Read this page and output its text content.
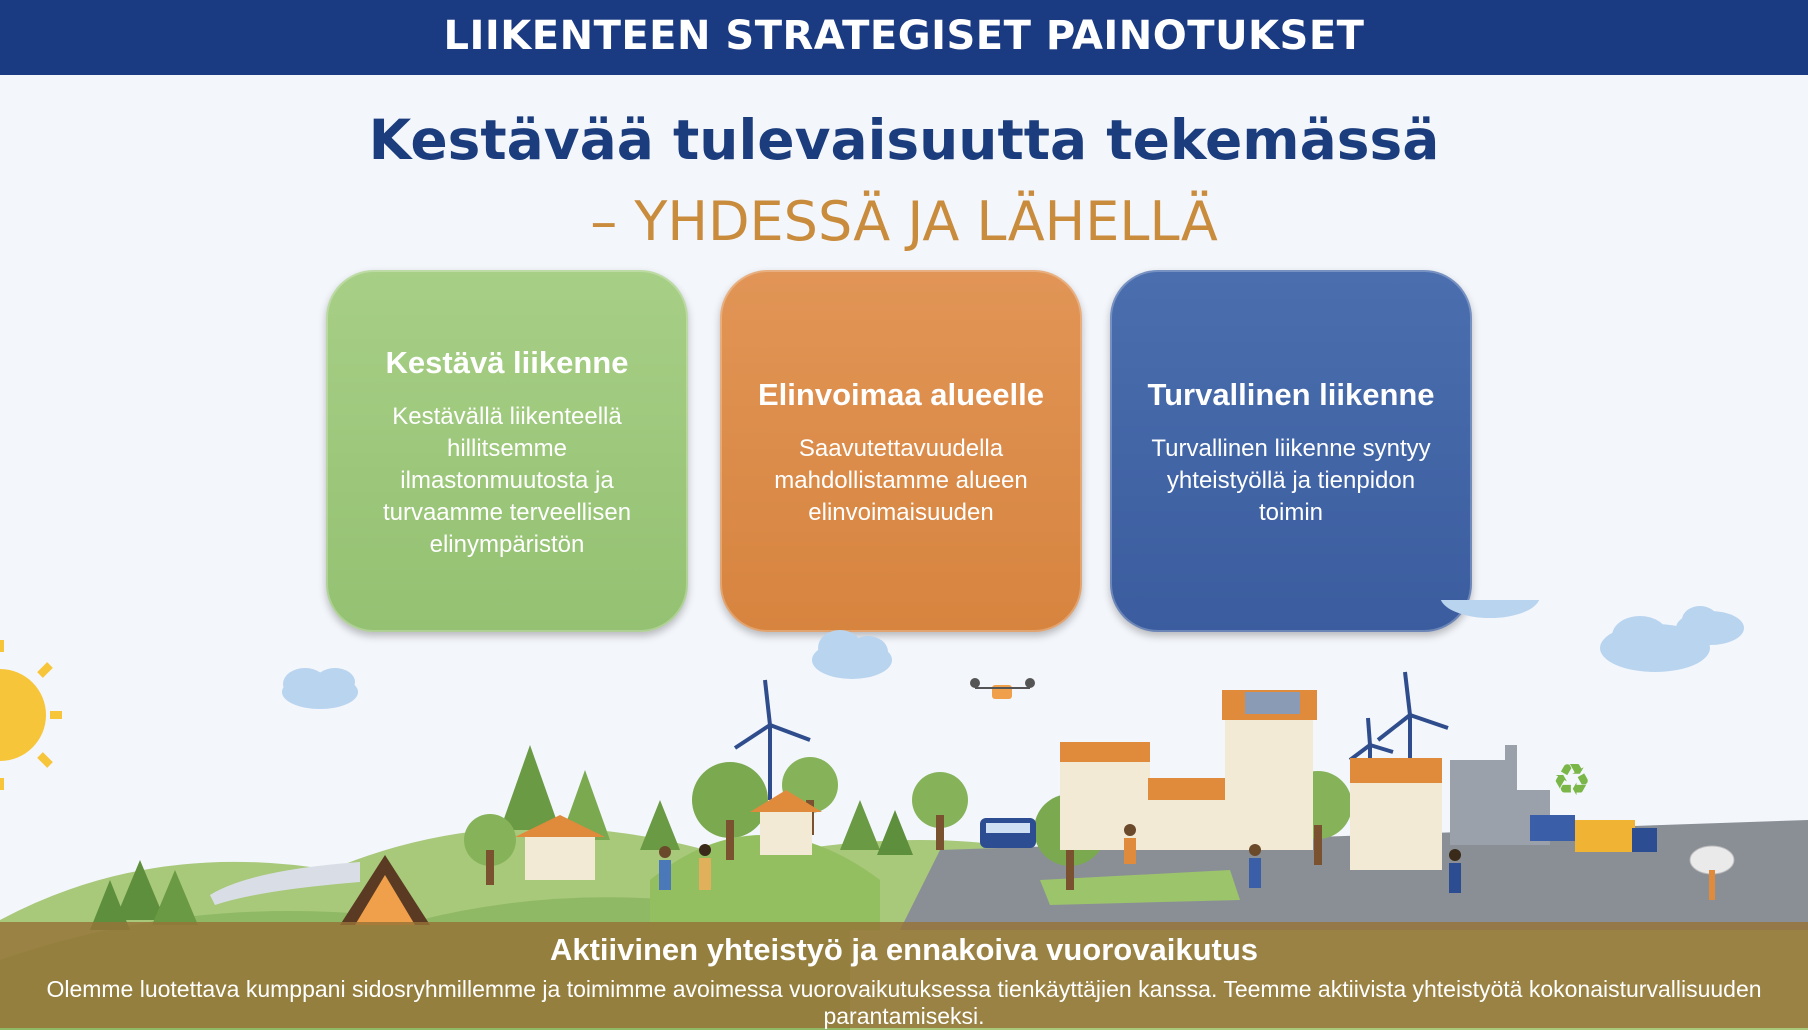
LIIKENTEEN STRATEGISET PAINOTUKSET
Kestävää tulevaisuutta tekemässä
– YHDESSÄ JA LÄHELLÄ
Kestävä liikenne

Kestävällä liikenteellä hillitsemme ilmastonmuutosta ja turvaamme terveellisen elinympäristön

Elinvoimaa alueelle

Saavutettavuudella mahdollistamme alueen elinvoimaisuuden

Turvallinen liikenne

Turvallinen liikenne syntyy yhteistyöllä ja tienpidon toimin

♻
Aktiivinen yhteistyö ja ennakoiva vuorovaikutus

Olemme luotettava kumppani sidosryhmillemme ja toimimme avoimessa vuorovaikutuksessa tienkäyttäjien kanssa. Teemme aktiivista yhteistyötä kokonaisturvallisuuden parantamiseksi.
